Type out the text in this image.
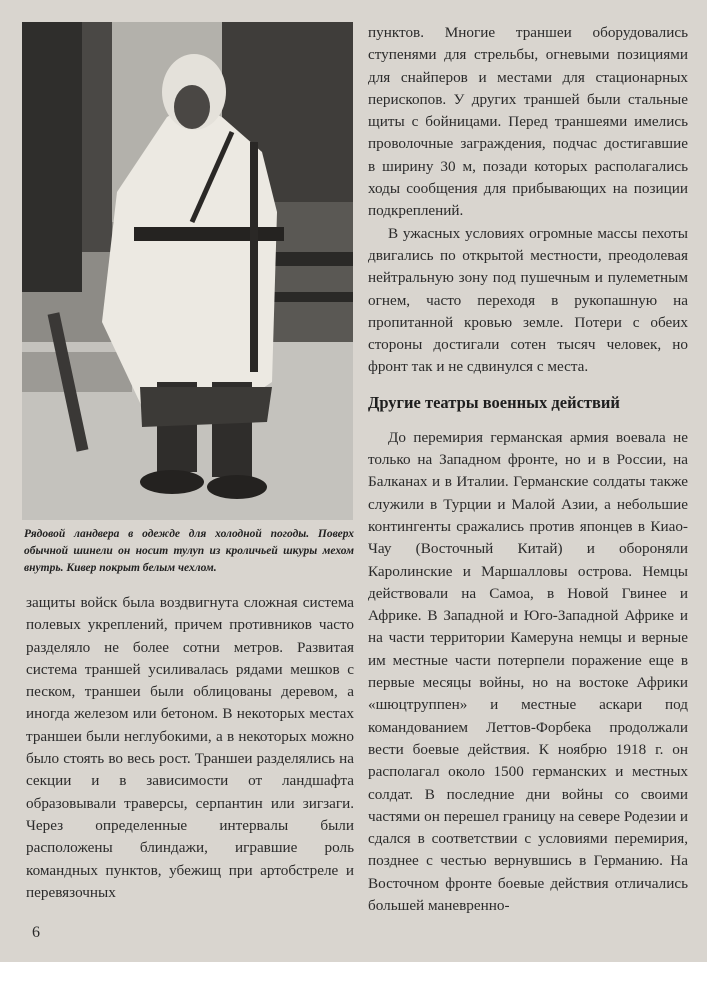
Рядовой ландвера в одежде для холодной погоды. Поверх обычной шинели он носит тулуп из кроличьей шкуры мехом внутрь. Кивер покрыт белым чехлом.

пунктов. Многие траншеи оборудовались ступенями для стрельбы, огневыми позициями для снайперов и местами для стационарных перископов. У других траншей были стальные щиты с бойницами. Перед траншеями имелись проволочные заграждения, подчас достигавшие в ширину 30 м, позади которых располагались ходы сообщения для прибывающих на позиции подкреплений.

В ужасных условиях огромные массы пехоты двигались по открытой местности, преодолевая нейтральную зону под пушечным и пулеметным огнем, часто переходя в рукопашную на пропитанной кровью земле. Потери с обеих стороны достигали сотен тысяч человек, но фронт так и не сдвинулся с места.

Другие театры военных действий

До перемирия германская армия воевала не только на Западном фронте, но и в России, на Балканах и в Италии. Германские солдаты также служили в Турции и Малой Азии, а небольшие контингенты сражались против японцев в Киао-Чау (Восточный Китай) и обороняли Каролинские и Маршалловы острова. Немцы действовали на Самоа, в Новой Гвинее и Африке. В Западной и Юго-Западной Африке и на части территории Камеруна немцы и верные им местные части потерпели поражение еще в первые месяцы войны, но на востоке Африки «шюцтруппен» и местные аскари под командованием Леттов-Форбека продолжали вести боевые действия. К ноябрю 1918 г. он располагал около 1500 германских и местных солдат. В последние дни войны со своими частями он перешел границу на севере Родезии и сдался в соответствии с условиями перемирия, позднее с честью вернувшись в Германию. На Восточном фронте боевые действия отличались большей маневренно-

защиты войск была воздвигнута сложная система полевых укреплений, причем противников часто разделяло не более сотни метров. Развитая система траншей усиливалась рядами мешков с песком, траншеи были облицованы деревом, а иногда железом или бетоном. В некоторых местах траншеи были неглубокими, а в некоторых можно было стоять во весь рост. Траншеи разделялись на секции и в зависимости от ландшафта образовывали траверсы, серпантин или зигзаги. Через определенные интервалы были расположены блиндажи, игравшие роль командных пунктов, убежищ при артобстреле и перевязочных

6
